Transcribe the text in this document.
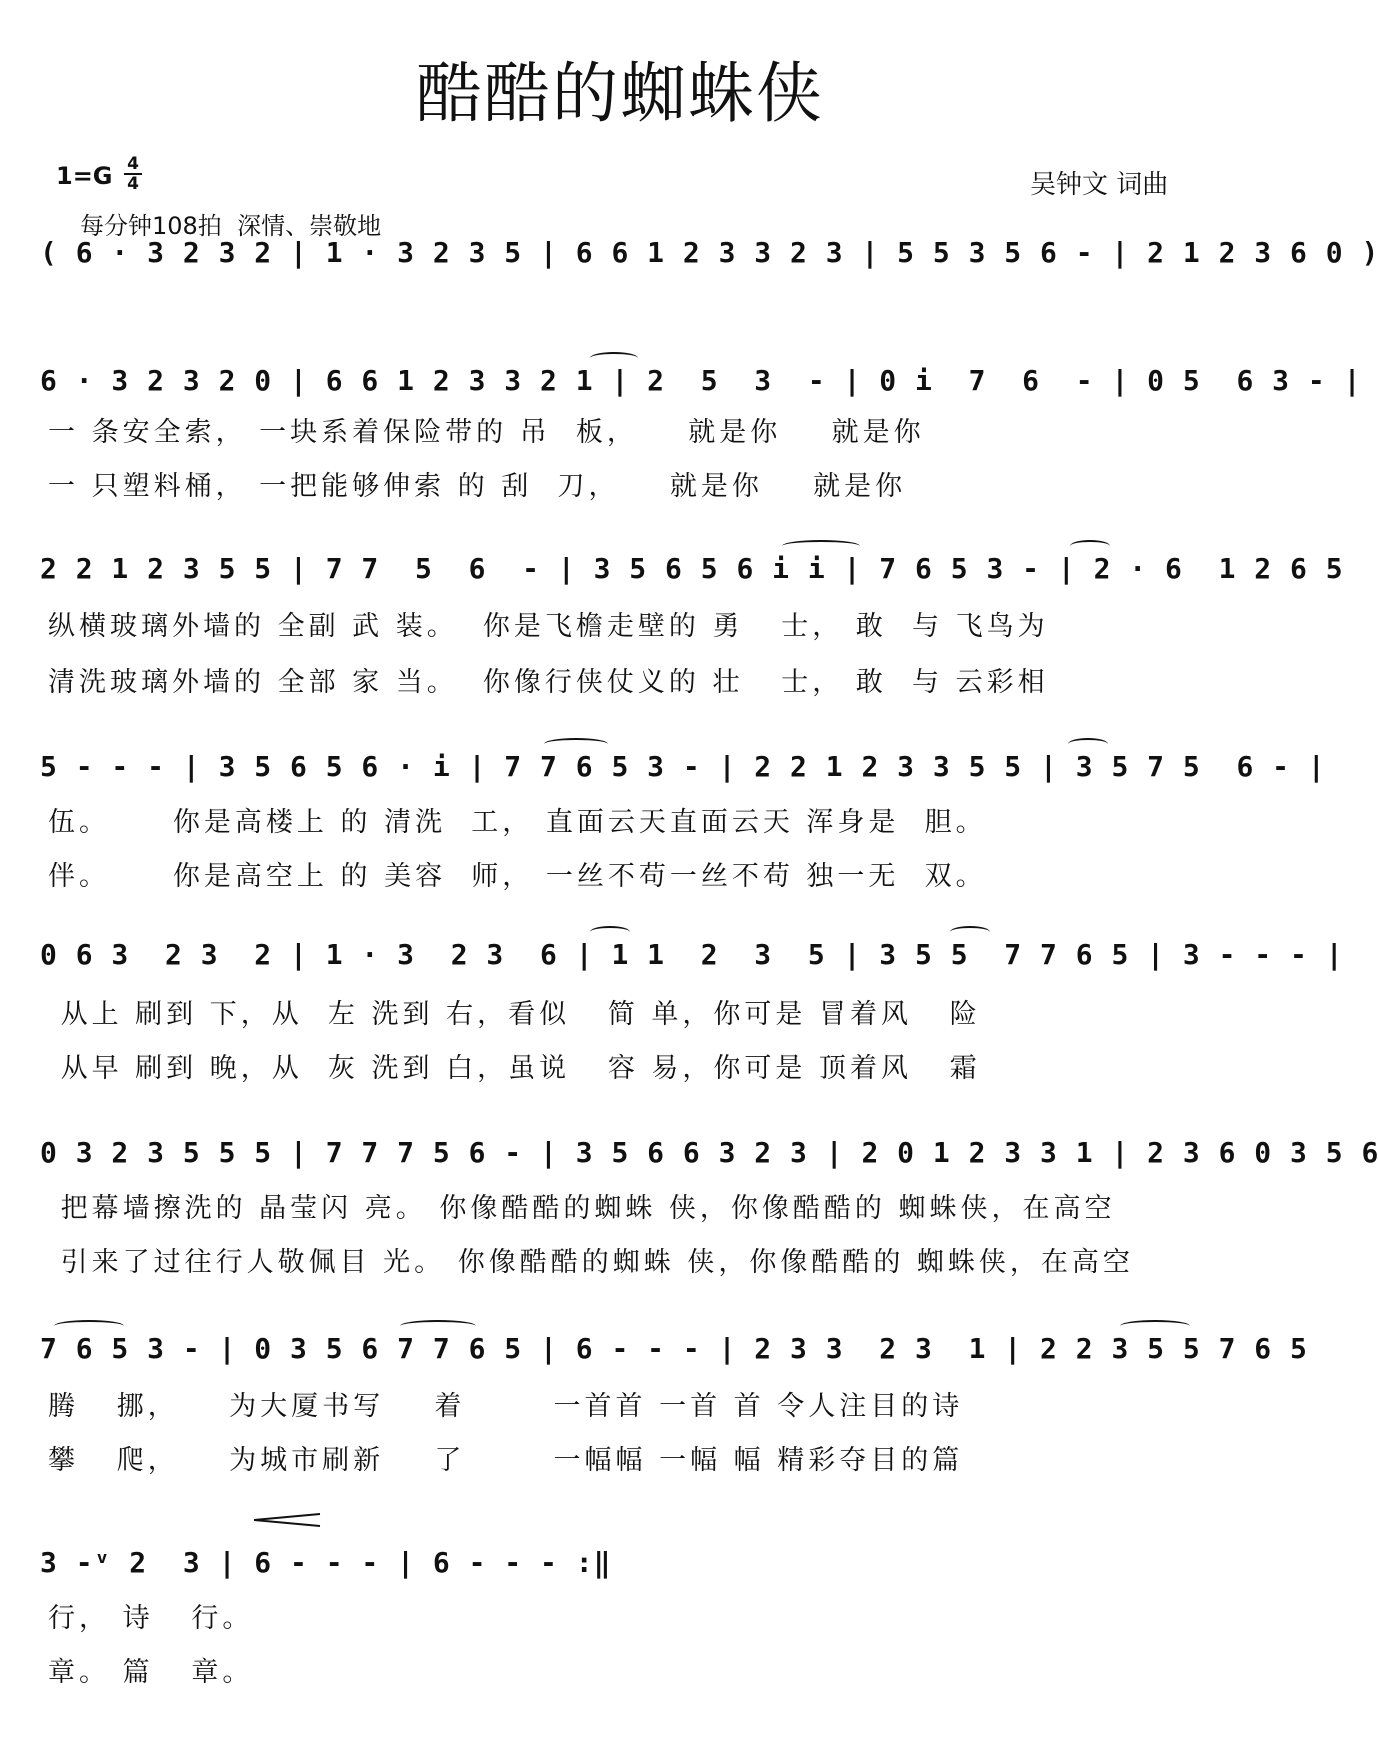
酷酷的蜘蛛侠
1=G 4
4
每分钟108拍  深情、崇敬地
吴钟文 词曲
( 6 · 3 2 3 2 | 1 · 3 2 3 5 | 6 6 1 2 3 3 2 3 | 5 5 3 5 6 - | 2 1 2 3 6 0 )
6 · 3 2 3 2 0 | 6 6 1 2 3 3 2 1 | 2  5  3  - | 0 i  7  6  - | 0 5  6 3 - |
一 条安全索， 一块系着保险带的 吊  板，    就是你    就是你
一 只塑料桶， 一把能够伸索 的 刮  刀，    就是你    就是你
2 2 1 2 3 5 5 | 7 7  5  6  - | 3 5 6 5 6 i i | 7 6 5 3 - | 2 · 6  1 2 6 5
纵横玻璃外墙的 全副 武 装。  你是飞檐走壁的 勇   士， 敢  与 飞鸟为
清洗玻璃外墙的 全部 家 当。  你像行侠仗义的 壮   士， 敢  与 云彩相
5 - - - | 3 5 6 5 6 · i | 7 7 6 5 3 - | 2 2 1 2 3 3 5 5 | 3 5 7 5  6 - |
伍。     你是高楼上 的 清洗  工， 直面云天直面云天 浑身是  胆。
伴。     你是高空上 的 美容  师， 一丝不苟一丝不苟 独一无  双。
0 6 3  2 3  2 | 1 · 3  2 3  6 | 1 1  2  3  5 | 3 5 5  7 7 6 5 | 3 - - - |
从上 刷到 下，从  左 洗到 右，看似   简 单，你可是 冒着风   险
从早 刷到 晚，从  灰 洗到 白，虽说   容 易，你可是 顶着风   霜
0 3 2 3 5 5 5 | 7 7 7 5 6 - | 3 5 6 6 3 2 3 | 2 0 1 2 3 3 1 | 2 3 6 0 3 5 6
把幕墙擦洗的 晶莹闪 亮。 你像酷酷的蜘蛛 侠，你像酷酷的 蜘蛛侠，在高空
引来了过往行人敬佩目 光。 你像酷酷的蜘蛛 侠，你像酷酷的 蜘蛛侠，在高空
7 6 5 3 - | 0 3 5 6 7 7 6 5 | 6 - - - | 2 3 3  2 3  1 | 2 2 3 5 5 7 6 5
腾   挪，    为大厦书写    着       一首首 一首 首 令人注目的诗
攀   爬，    为城市刷新    了       一幅幅 一幅 幅 精彩夺目的篇
3 -ᵛ 2  3 | 6 - - - | 6 - - - :‖
行， 诗   行。
章。 篇   章。
